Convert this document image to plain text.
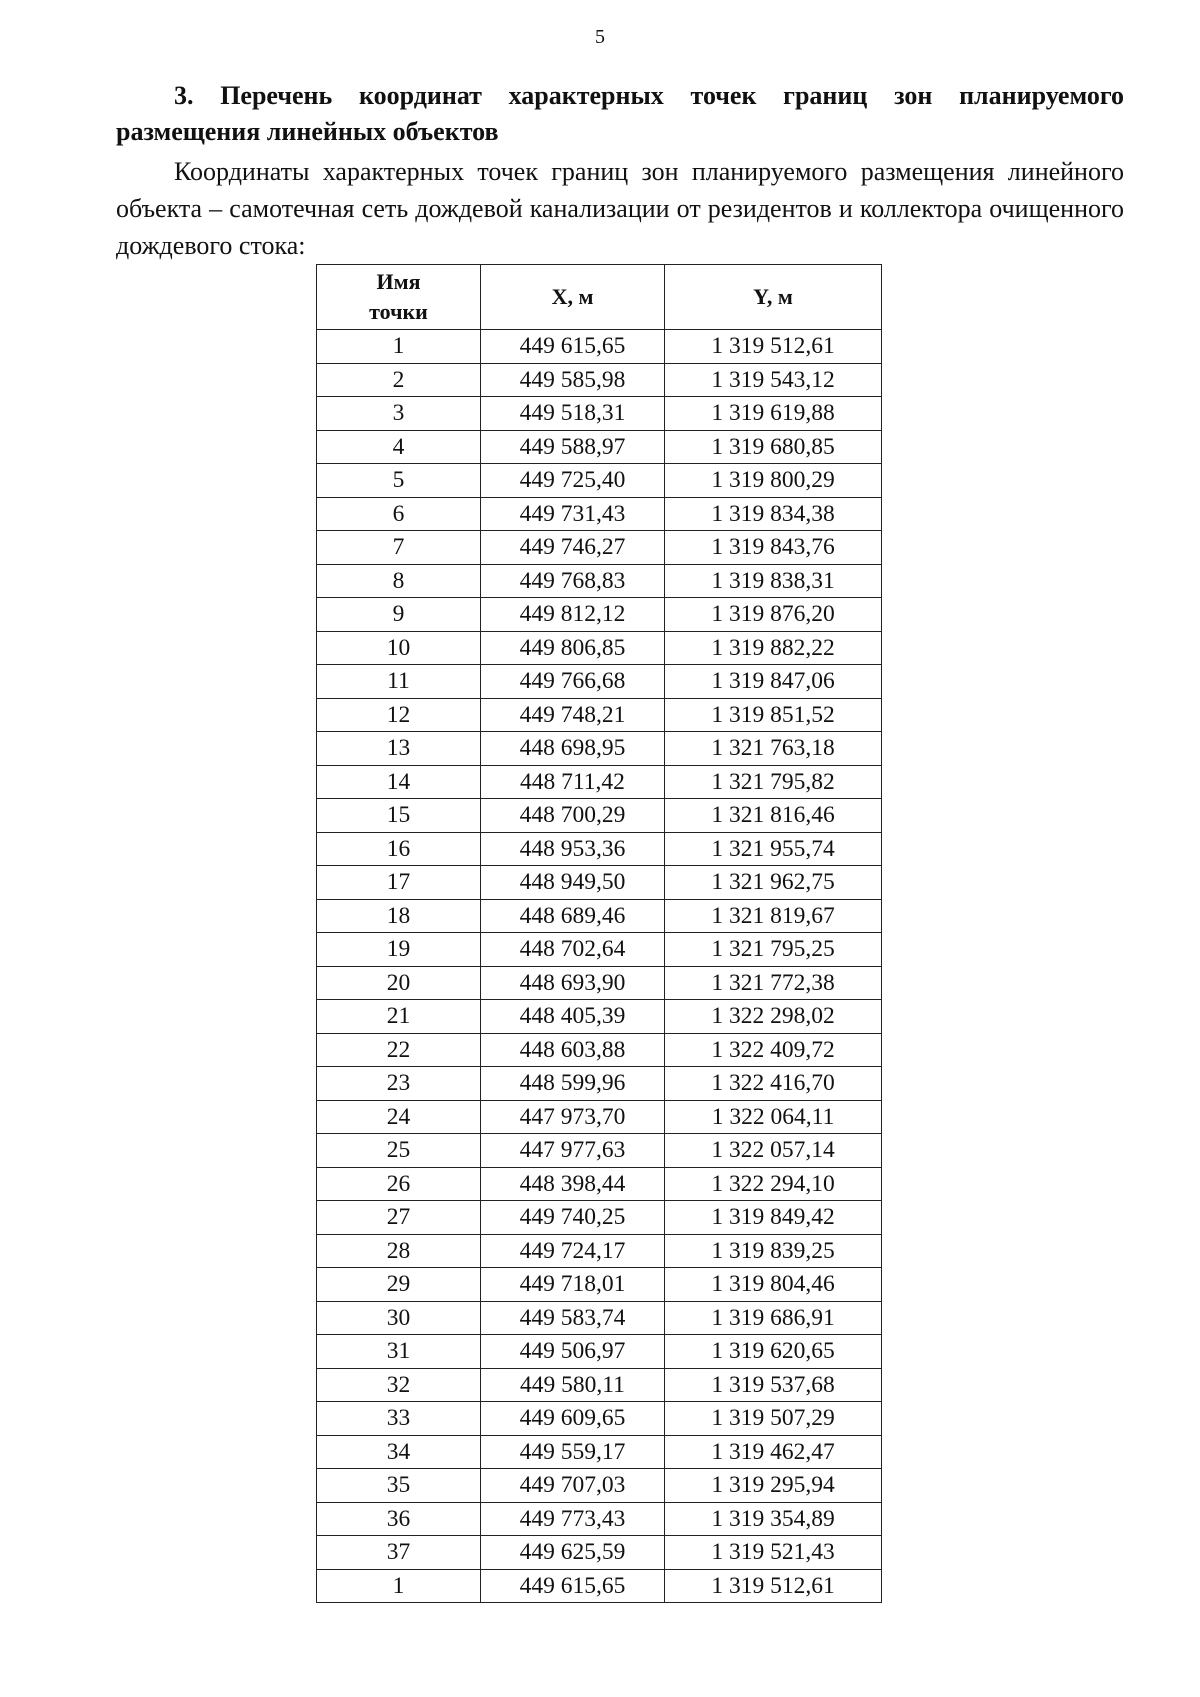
5

3. Перечень координат характерных точек границ зон планируемого размещения линейных объектов

Координаты характерных точек границ зон планируемого размещения линейного объекта – самотечная сеть дождевой канализации от резидентов и коллектора очищенного дождевого стока:

Имя точки	X, м	Y, м
1	449 615,65	1 319 512,61
2	449 585,98	1 319 543,12
3	449 518,31	1 319 619,88
4	449 588,97	1 319 680,85
5	449 725,40	1 319 800,29
6	449 731,43	1 319 834,38
7	449 746,27	1 319 843,76
8	449 768,83	1 319 838,31
9	449 812,12	1 319 876,20
10	449 806,85	1 319 882,22
11	449 766,68	1 319 847,06
12	449 748,21	1 319 851,52
13	448 698,95	1 321 763,18
14	448 711,42	1 321 795,82
15	448 700,29	1 321 816,46
16	448 953,36	1 321 955,74
17	448 949,50	1 321 962,75
18	448 689,46	1 321 819,67
19	448 702,64	1 321 795,25
20	448 693,90	1 321 772,38
21	448 405,39	1 322 298,02
22	448 603,88	1 322 409,72
23	448 599,96	1 322 416,70
24	447 973,70	1 322 064,11
25	447 977,63	1 322 057,14
26	448 398,44	1 322 294,10
27	449 740,25	1 319 849,42
28	449 724,17	1 319 839,25
29	449 718,01	1 319 804,46
30	449 583,74	1 319 686,91
31	449 506,97	1 319 620,65
32	449 580,11	1 319 537,68
33	449 609,65	1 319 507,29
34	449 559,17	1 319 462,47
35	449 707,03	1 319 295,94
36	449 773,43	1 319 354,89
37	449 625,59	1 319 521,43
1	449 615,65	1 319 512,61
